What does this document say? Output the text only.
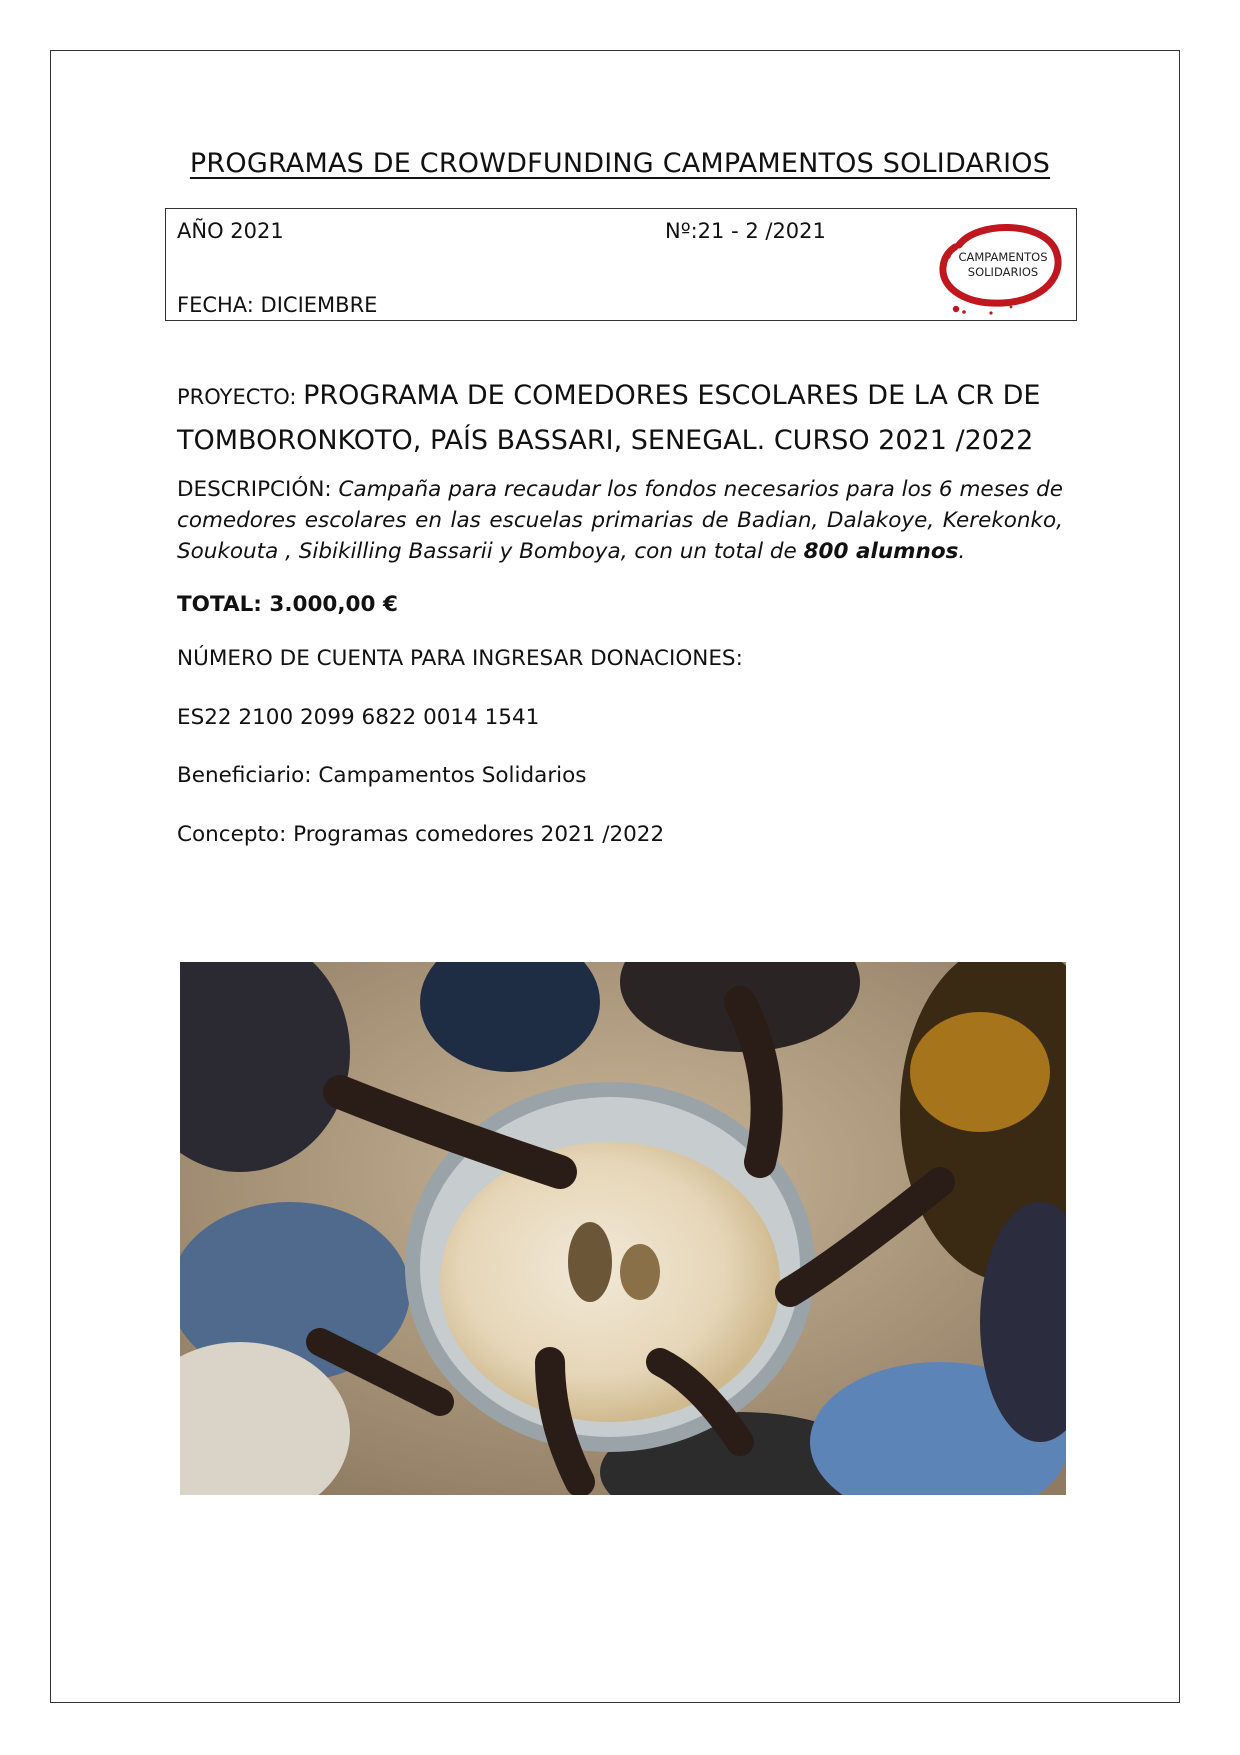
PROGRAMAS DE CROWDFUNDING CAMPAMENTOS SOLIDARIOS
AÑO 2021	Nº:21 - 2 /2021
FECHA: DICIEMBRE
CAMPAMENTOS
SOLIDARIOS
PROYECTO: PROGRAMA DE COMEDORES ESCOLARES DE LA CR DE TOMBORONKOTO, PAÍS BASSARI, SENEGAL. CURSO 2021 /2022
DESCRIPCIÓN: Campaña para recaudar los fondos necesarios para los 6 meses de comedores escolares en las escuelas primarias de Badian, Dalakoye, Kerekonko, Soukouta , Sibikilling Bassarii y Bomboya, con un total de 800 alumnos.
TOTAL: 3.000,00 €
NÚMERO DE CUENTA PARA INGRESAR DONACIONES:
ES22 2100 2099 6822 0014 1541
Beneficiario: Campamentos Solidarios
Concepto: Programas comedores 2021 /2022
